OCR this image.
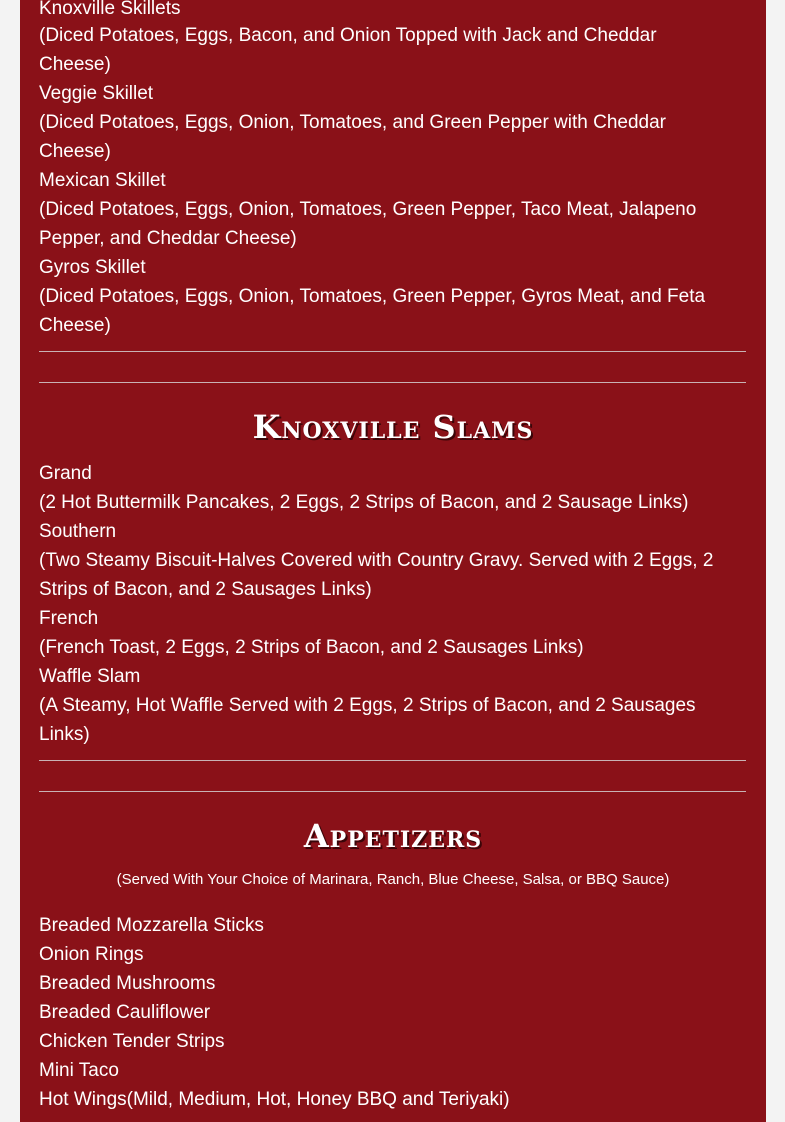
Knoxville Skillets
(Diced Potatoes, Eggs, Bacon, and Onion Topped with Jack and Cheddar
Cheese)
Veggie Skillet
(Diced Potatoes, Eggs, Onion, Tomatoes, and Green Pepper with Cheddar
Cheese)
Mexican Skillet
(Diced Potatoes, Eggs, Onion, Tomatoes, Green Pepper, Taco Meat, Jalapeno
Pepper, and Cheddar Cheese)
Gyros Skillet
(Diced Potatoes, Eggs, Onion, Tomatoes, Green Pepper, Gyros Meat, and Feta
Cheese)
Knoxville Slams
Grand
(2 Hot Buttermilk Pancakes, 2 Eggs, 2 Strips of Bacon, and 2 Sausage Links)
Southern
(Two Steamy Biscuit-Halves Covered with Country Gravy. Served with 2 Eggs, 2
Strips of Bacon, and 2 Sausages Links)
French
(French Toast, 2 Eggs, 2 Strips of Bacon, and 2 Sausages Links)
Waffle Slam
(A Steamy, Hot Waffle Served with 2 Eggs, 2 Strips of Bacon, and 2 Sausages
Links)
Appetizers
(Served With Your Choice of Marinara, Ranch, Blue Cheese, Salsa, or BBQ Sauce)
Breaded Mozzarella Sticks
Onion Rings
Breaded Mushrooms
Breaded Cauliflower
Chicken Tender Strips
Mini Taco
Hot Wings(Mild, Medium, Hot, Honey BBQ and Teriyaki)
